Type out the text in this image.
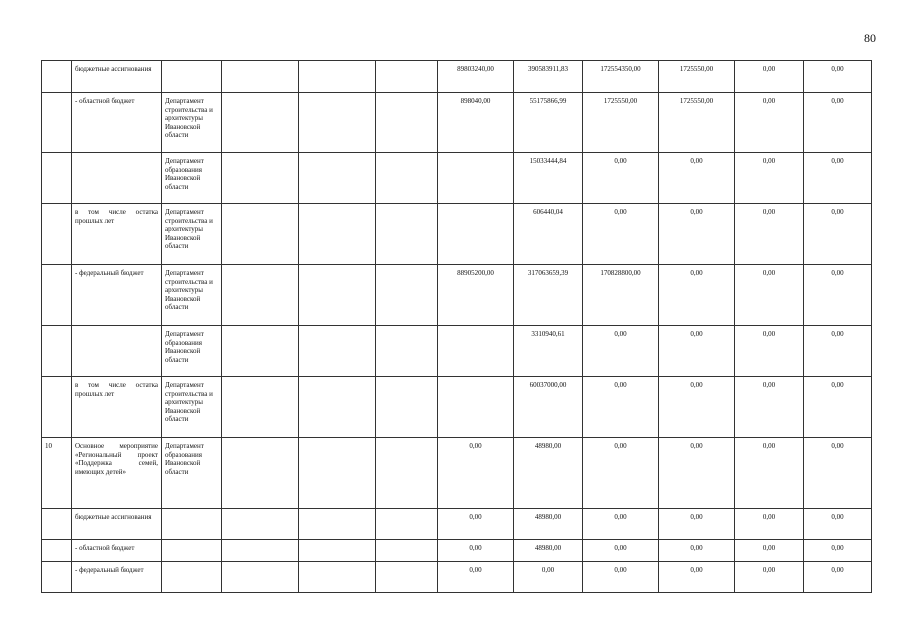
80
	бюджетные ассигнования					89803240,00	390583911,83	172554350,00	1725550,00	0,00	0,00
	- областной бюджет	Департамент строительства и архитектуры Ивановской области				898040,00	55175866,99	1725550,00	1725550,00	0,00	0,00
		Департамент образования Ивановской области					15033444,84	0,00	0,00	0,00	0,00
	в том числе остатка прошлых лет	Департамент строительства и архитектуры Ивановской области					606440,04	0,00	0,00	0,00	0,00
	- федеральный бюджет	Департамент строительства и архитектуры Ивановской области				88905200,00	317063659,39	170828800,00	0,00	0,00	0,00
		Департамент образования Ивановской области					3310940,61	0,00	0,00	0,00	0,00
	в том числе остатка прошлых лет	Департамент строительства и архитектуры Ивановской области					60037000,00	0,00	0,00	0,00	0,00
10	Основное мероприятие «Региональный проект «Поддержка семей, имеющих детей»	Департамент образования Ивановской области				0,00	48980,00	0,00	0,00	0,00	0,00
	бюджетные ассигнования					0,00	48980,00	0,00	0,00	0,00	0,00
	- областной бюджет					0,00	48980,00	0,00	0,00	0,00	0,00
	- федеральный бюджет					0,00	0,00	0,00	0,00	0,00	0,00
